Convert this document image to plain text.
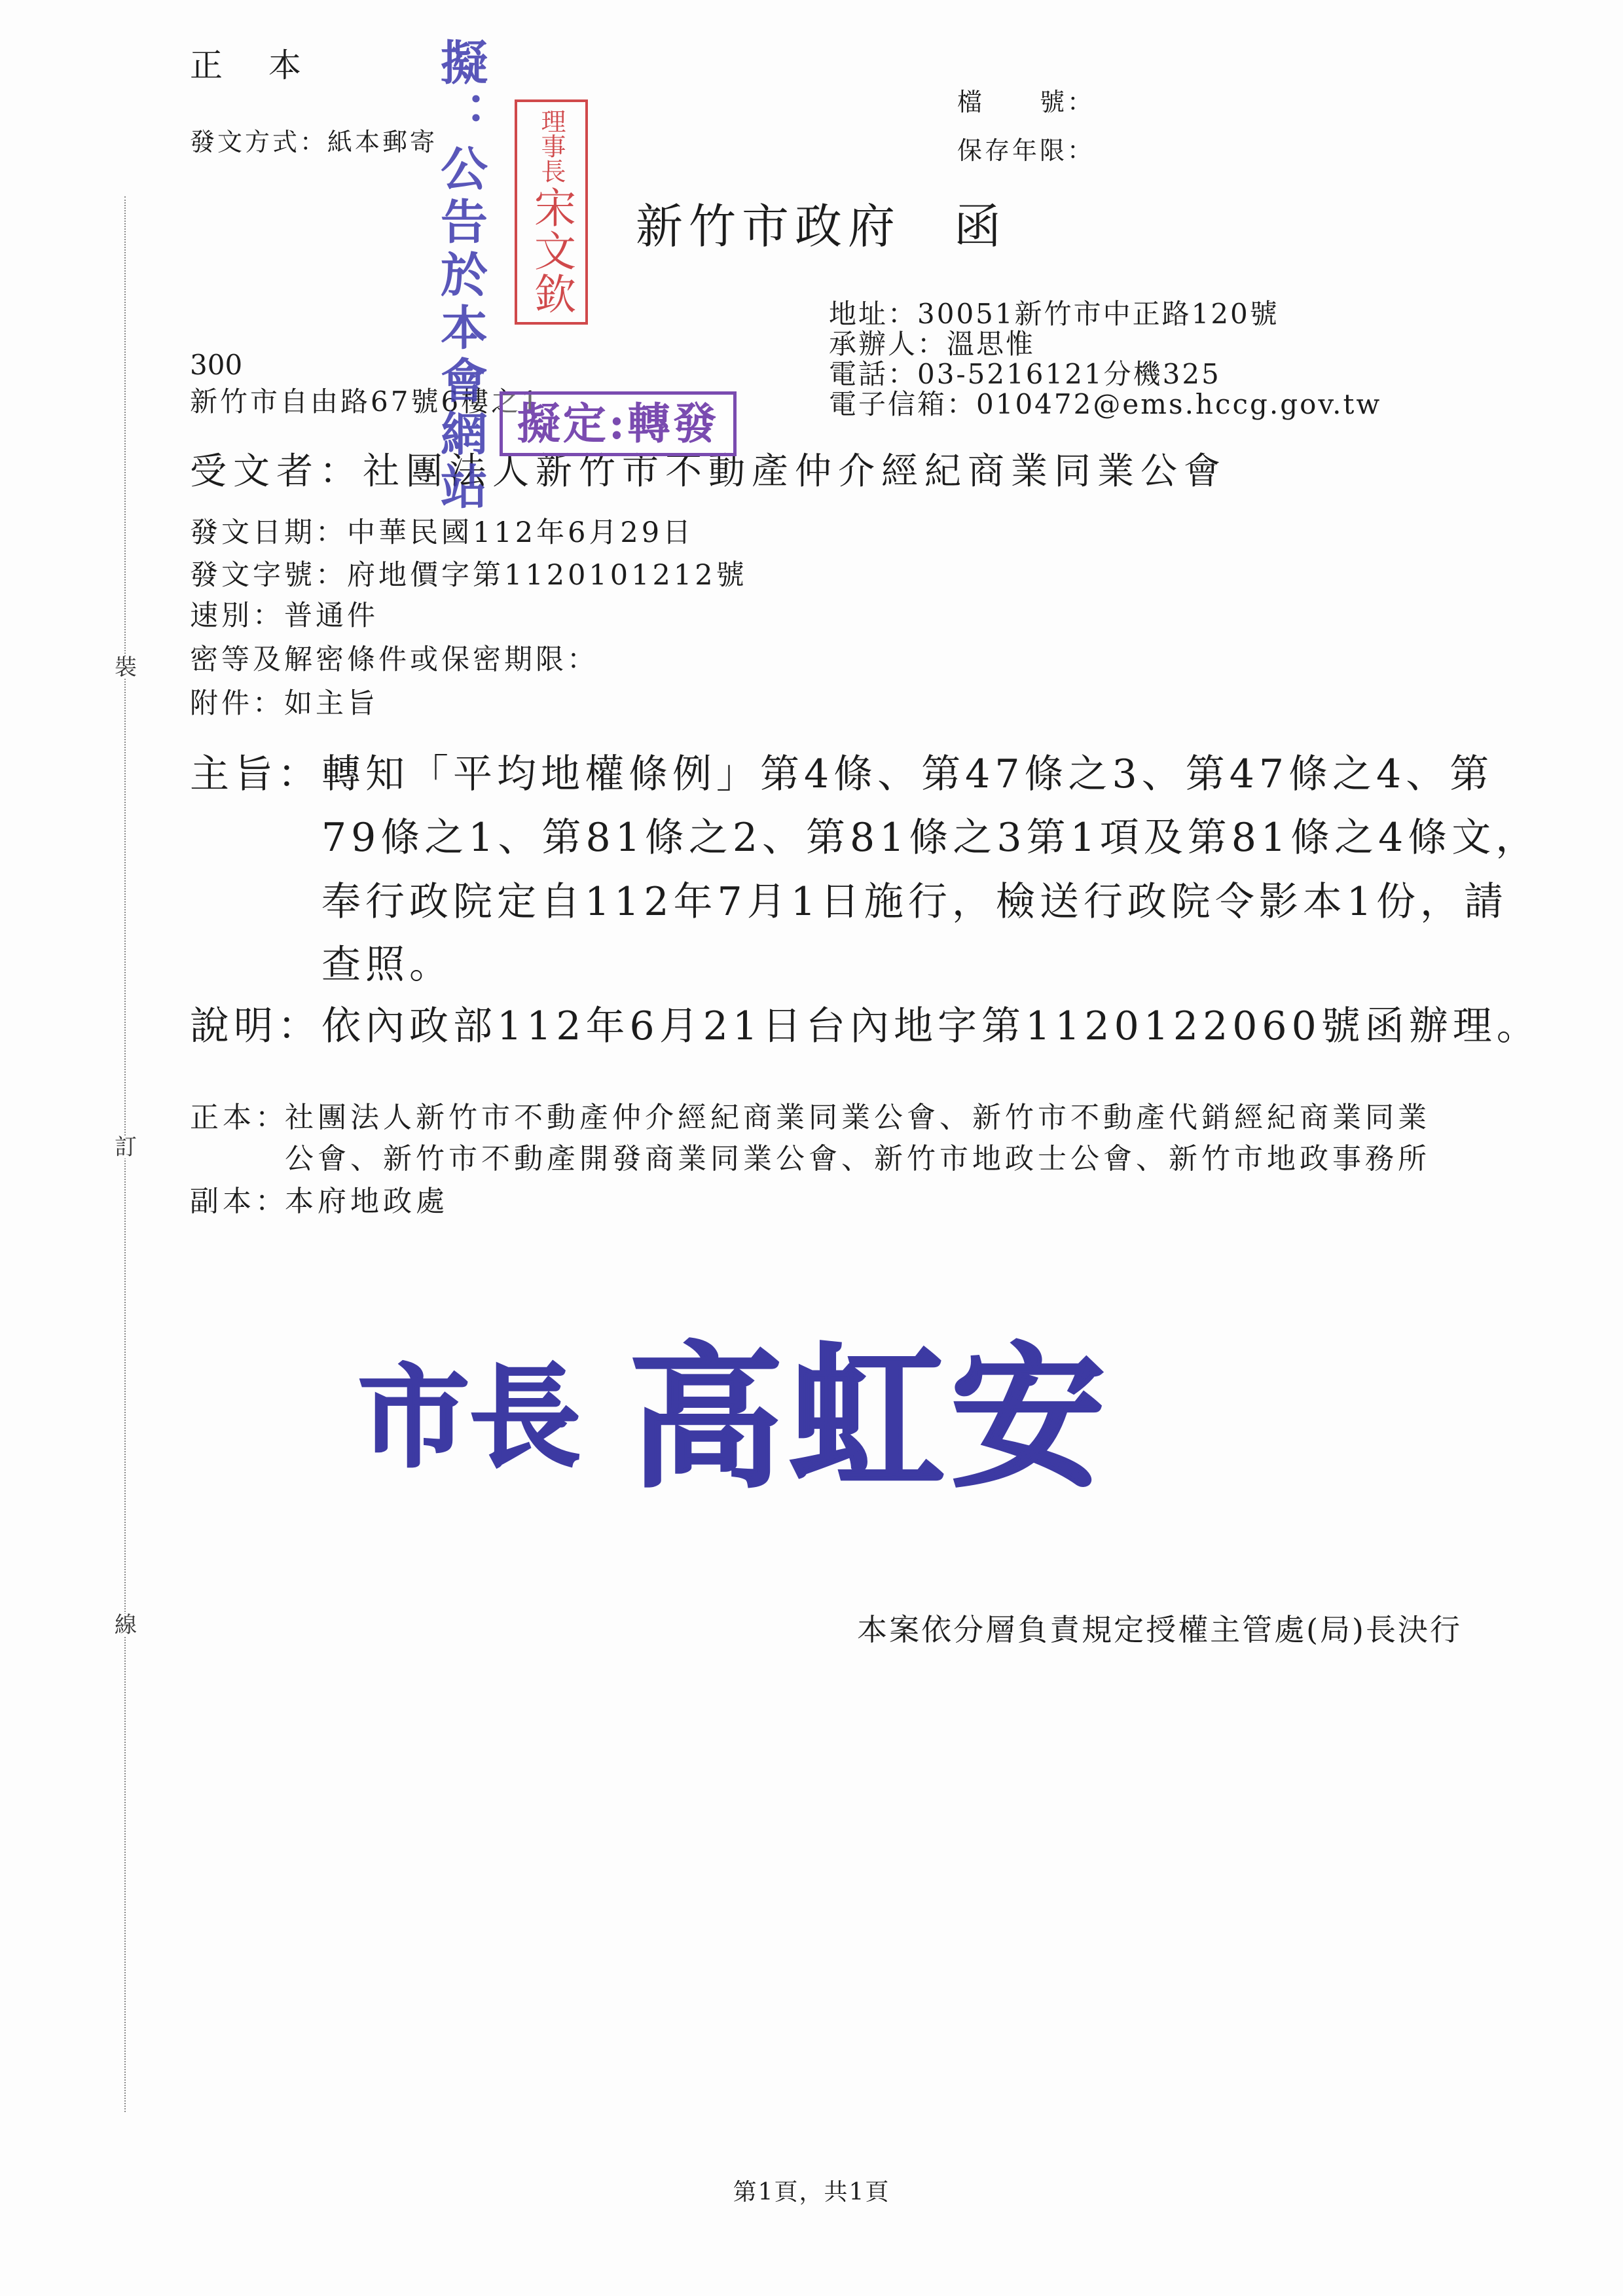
裝
訂
線
正　本
發文方式：紙本郵寄
檔　　號：
保存年限：
新竹市政府　函
地址：30051新竹市中正路120號
承辦人：溫思惟
電話：03-5216121分機325
電子信箱：010472@ems.hccg.gov.tw
300
新竹市自由路67號6樓之1
受文者：社團法人新竹市不動產仲介經紀商業同業公會
發文日期：中華民國112年6月29日
發文字號：府地價字第1120101212號
速別：普通件
密等及解密條件或保密期限：
附件：如主旨
主旨： 轉知「平均地權條例」第4條、第47條之3、第47條之4、第
79條之1、第81條之2、第81條之3第1項及第81條之4條文，
奉行政院定自112年7月1日施行，檢送行政院令影本1份，請
查照。
說明： 依內政部112年6月21日台內地字第1120122060號函辦理。
正本：
社團法人新竹市不動產仲介經紀商業同業公會、新竹市不動產代銷經紀商業同業
公會、新竹市不動產開發商業同業公會、新竹市地政士公會、新竹市地政事務所
副本：
本府地政處
市長 高虹安
本案依分層負責規定授權主管處(局)長決行
第1頁，共1頁
擬：公告於本會網站 理事長
宋文欽
擬定:轉發
